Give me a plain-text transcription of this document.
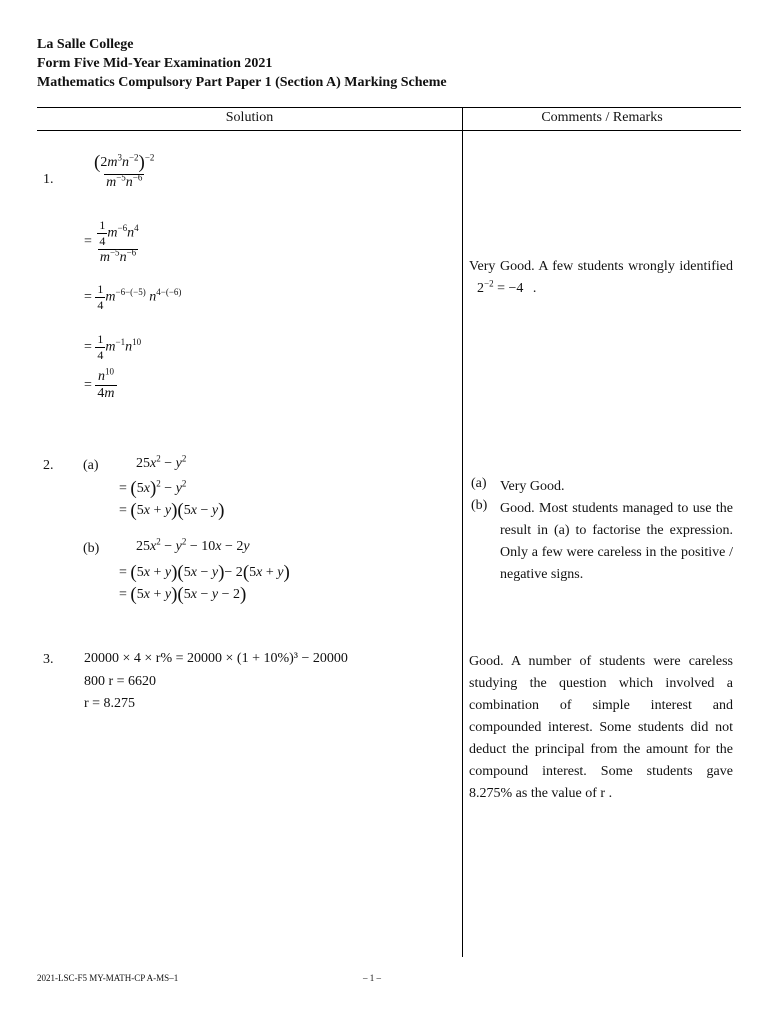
La Salle College
Form Five Mid-Year Examination 2021
Mathematics Compulsory Part Paper 1 (Section A) Marking Scheme
Solution	Comments / Remarks
1. $\frac{(2m^3n^{-2})^{-2}}{m^{-5}n^{-6}}$
= $\frac{\frac{1}{4} m^{-6}n^4}{m^{-5}n^{-6}}$
= $\frac{1}{4} m^{-6-(-5)}$ $n^{4-(-6)}$
= $\frac{1}{4} m^{-1}n^{10}$
= $\frac{n^{10}}{4m}$
Very Good. A few students wrongly identified $2^{-2} = -4$ .
2. (a)	$25x^2 - y^2$
= $(5x)^2 - y^2$
= (5x + y)(5x − y)
(b)	$25x^2 - y^2 - 10x - 2y$
= (5x + y)(5x − y)− 2(5x + y)
= (5x + y)(5x − y − 2)
(a) Very Good.
(b) Good. Most students managed to use the result in (a) to factorise the expression. Only a few were careless in the positive / negative signs.
3. 20000 × 4 × r% = 20000 × (1 + 10%)³ − 20000
800 r = 6620
r = 8.275
Good. A number of students were careless studying the question which involved a combination of simple interest and compounded interest. Some students did not deduct the principal from the amount for the compound interest. Some students gave 8.275% as the value of r .
2021-LSC-F5 MY-MATH-CP A-MS–1	– 1 –
